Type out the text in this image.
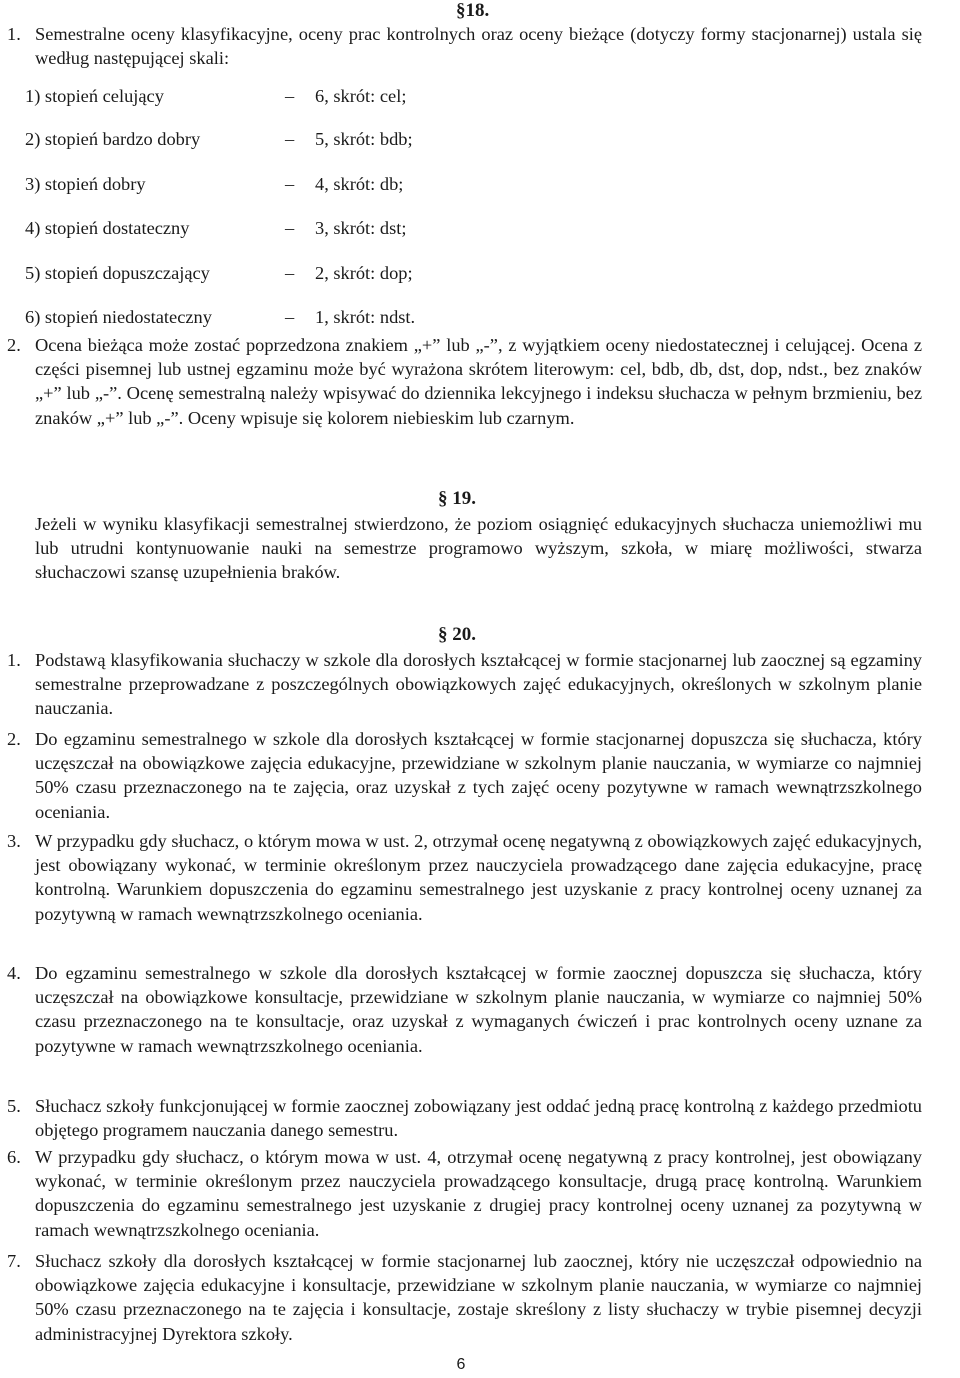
§18.
1. Semestralne oceny klasyfikacyjne, oceny prac kontrolnych oraz oceny bieżące (dotyczy formy stacjonarnej) ustala się według następującej skali:
1) stopień celujący	– 6, skrót: cel;
2) stopień bardzo dobry	– 5, skrót: bdb;
3) stopień dobry	– 4, skrót: db;
4) stopień dostateczny	– 3, skrót: dst;
5) stopień dopuszczający	– 2, skrót: dop;
6) stopień niedostateczny	– 1, skrót: ndst.
2. Ocena bieżąca może zostać poprzedzona znakiem „+” lub „-”, z wyjątkiem oceny niedostatecznej i celującej. Ocena z części pisemnej lub ustnej egzaminu może być wyrażona skrótem literowym: cel, bdb, db, dst, dop, ndst., bez znaków „+” lub „-”. Ocenę semestralną należy wpisywać do dziennika lekcyjnego i indeksu słuchacza w pełnym brzmieniu, bez znaków „+” lub „-”. Oceny wpisuje się kolorem niebieskim lub czarnym.
§ 19.
Jeżeli w wyniku klasyfikacji semestralnej stwierdzono, że poziom osiągnięć edukacyjnych słuchacza uniemożliwi mu lub utrudni kontynuowanie nauki na semestrze programowo wyższym, szkoła, w miarę możliwości, stwarza słuchaczowi szansę uzupełnienia braków.
§ 20.
1. Podstawą klasyfikowania słuchaczy w szkole dla dorosłych kształcącej w formie stacjonarnej lub zaocznej są egzaminy semestralne przeprowadzane z poszczególnych obowiązkowych zajęć edukacyjnych, określonych w szkolnym planie nauczania.
2. Do egzaminu semestralnego w szkole dla dorosłych kształcącej w formie stacjonarnej dopuszcza się słuchacza, który uczęszczał na obowiązkowe zajęcia edukacyjne, przewidziane w szkolnym planie nauczania, w wymiarze co najmniej 50% czasu przeznaczonego na te zajęcia, oraz uzyskał z tych zajęć oceny pozytywne w ramach wewnątrzszkolnego oceniania.
3. W przypadku gdy słuchacz, o którym mowa w ust. 2, otrzymał ocenę negatywną z obowiązkowych zajęć edukacyjnych, jest obowiązany wykonać, w terminie określonym przez nauczyciela prowadzącego dane zajęcia edukacyjne, pracę kontrolną. Warunkiem dopuszczenia do egzaminu semestralnego jest uzyskanie z pracy kontrolnej oceny uznanej za pozytywną w ramach wewnątrzszkolnego oceniania.
4. Do egzaminu semestralnego w szkole dla dorosłych kształcącej w formie zaocznej dopuszcza się słuchacza, który uczęszczał na obowiązkowe konsultacje, przewidziane w szkolnym planie nauczania, w wymiarze co najmniej 50% czasu przeznaczonego na te konsultacje, oraz uzyskał z wymaganych ćwiczeń i prac kontrolnych oceny uznane za pozytywne w ramach wewnątrzszkolnego oceniania.
5. Słuchacz szkoły funkcjonującej w formie zaocznej zobowiązany jest oddać jedną pracę kontrolną z każdego przedmiotu objętego programem nauczania danego semestru.
6. W przypadku gdy słuchacz, o którym mowa w ust. 4, otrzymał ocenę negatywną z pracy kontrolnej, jest obowiązany wykonać, w terminie określonym przez nauczyciela prowadzącego konsultacje, drugą pracę kontrolną. Warunkiem dopuszczenia do egzaminu semestralnego jest uzyskanie z drugiej pracy kontrolnej oceny uznanej za pozytywną w ramach wewnątrzszkolnego oceniania.
7. Słuchacz szkoły dla dorosłych kształcącej w formie stacjonarnej lub zaocznej, który nie uczęszczał odpowiednio na obowiązkowe zajęcia edukacyjne i konsultacje, przewidziane w szkolnym planie nauczania, w wymiarze co najmniej 50% czasu przeznaczonego na te zajęcia i konsultacje, zostaje skreślony z listy słuchaczy w trybie pisemnej decyzji administracyjnej Dyrektora szkoły.
6
